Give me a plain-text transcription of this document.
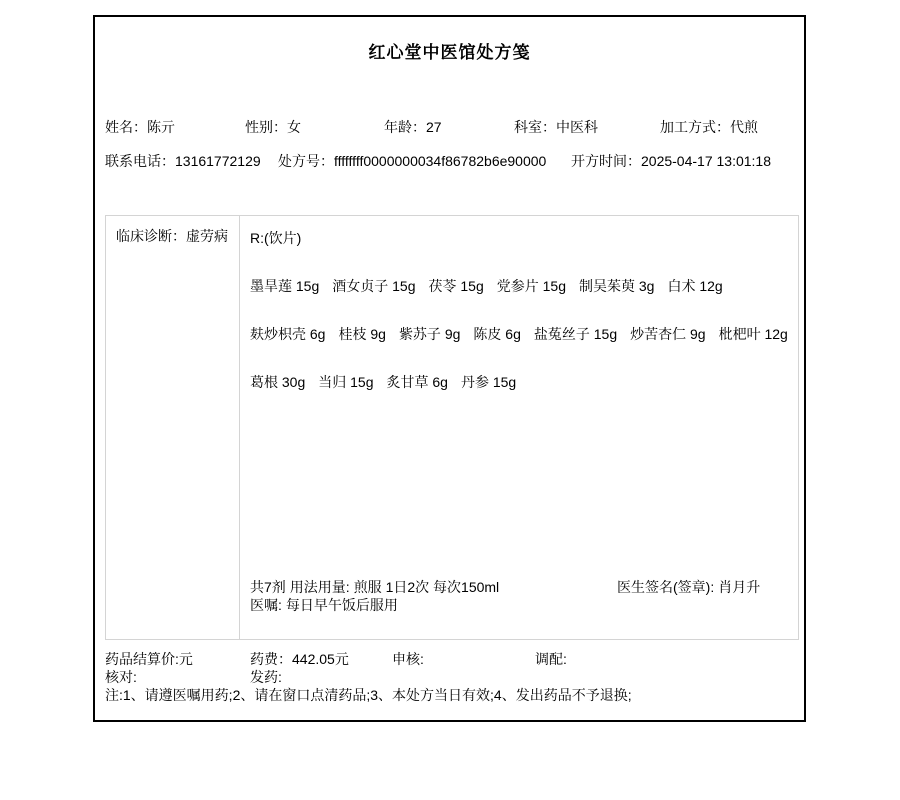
红心堂中医馆处方笺
姓名：陈亓	性别：女	年龄：27	科室：中医科	加工方式：代煎
联系电话：13161772129 处方号：ffffffff0000000034f86782b6e90000 开方时间：2025-04-17 13:01:18
临床诊断：虚劳病	R:(饮片)
墨旱莲 15g 酒女贞子 15g 茯苓 15g 党参片 15g 制吴茱萸 3g 白术 12g
麸炒枳壳 6g 桂枝 9g 紫苏子 9g 陈皮 6g 盐菟丝子 15g 炒苦杏仁 9g 枇杷叶 12g
葛根 30g 当归 15g 炙甘草 6g 丹参 15g
共7剂 用法用量: 煎服 1日2次 每次150ml	医生签名(签章): 肖月升
医嘱: 每日早午饭后服用
药品结算价:元	药费：442.05元	申核:	调配:
核对:	发药:
注:1、请遵医嘱用药;2、请在窗口点清药品;3、本处方当日有效;4、发出药品不予退换;
